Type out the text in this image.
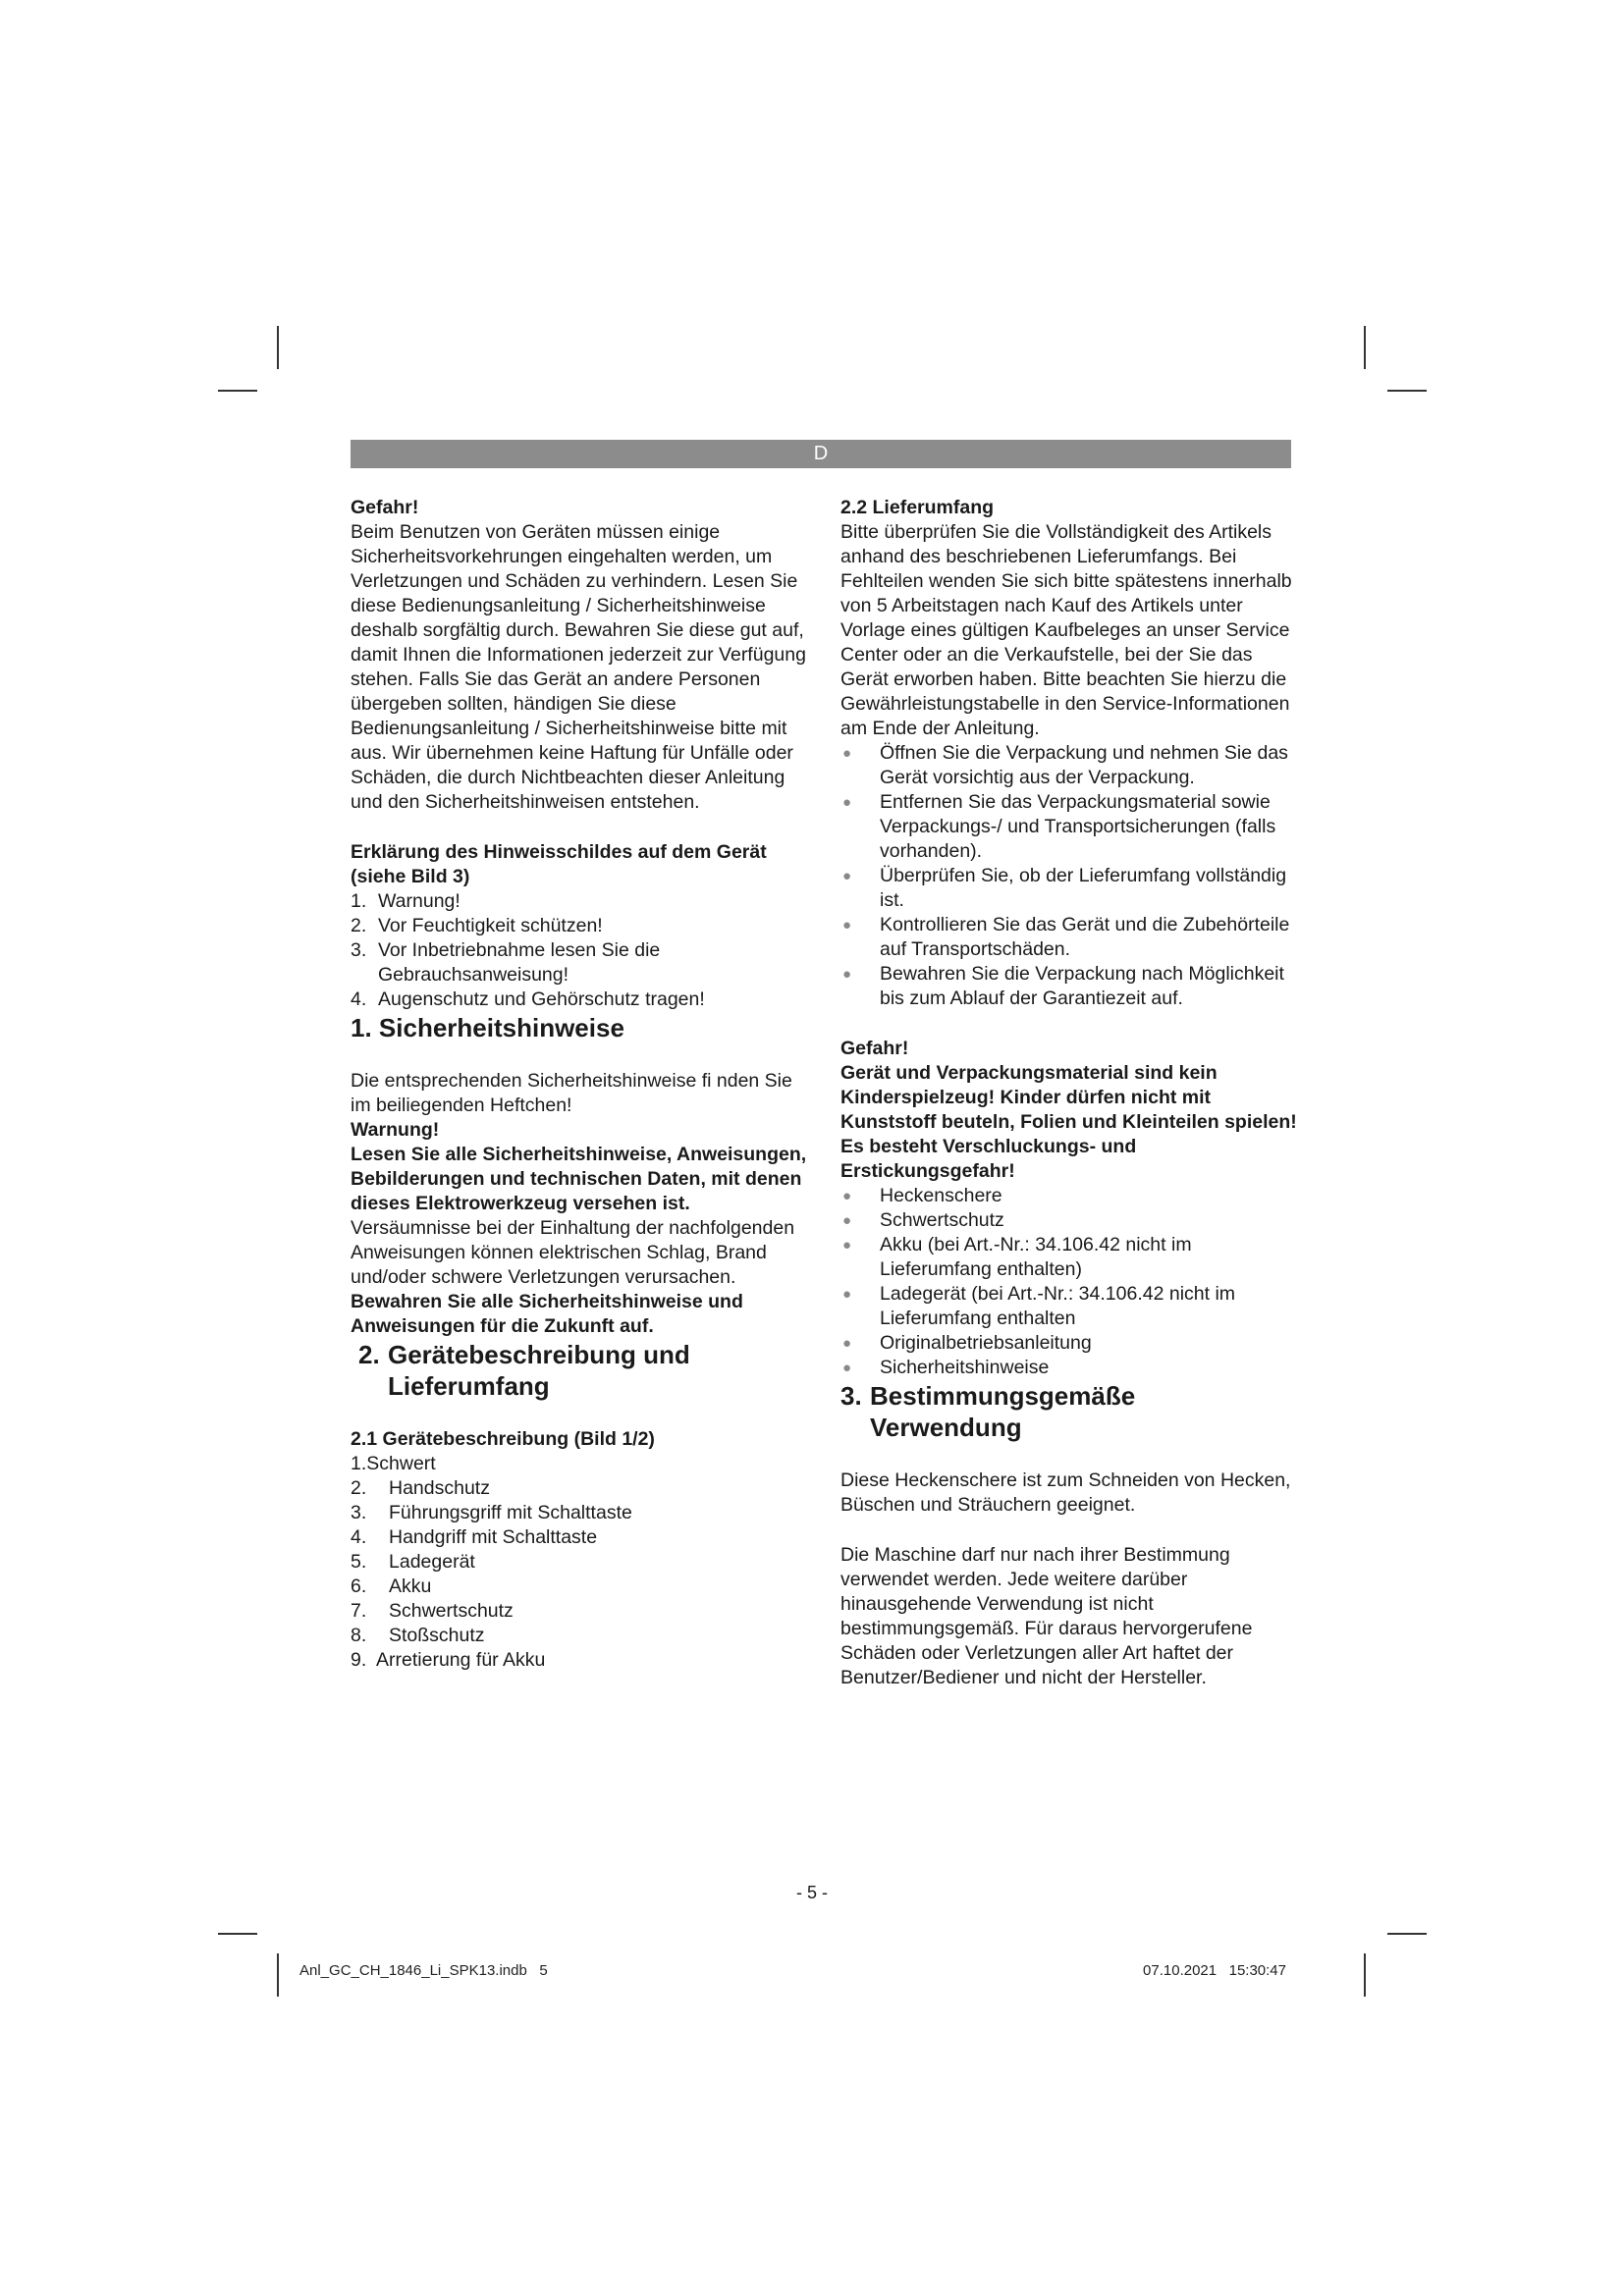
D

Gefahr!

Beim Benutzen von Geräten müssen einige Sicherheitsvorkehrungen eingehalten werden, um Verletzungen und Schäden zu verhindern. Lesen Sie diese Bedienungsanleitung / Sicherheitshinweise deshalb sorgfältig durch. Bewahren Sie diese gut auf, damit Ihnen die Informationen jederzeit zur Verfügung stehen. Falls Sie das Gerät an andere Personen übergeben sollten, händigen Sie diese Bedienungsanleitung / Sicherheitshinweise bitte mit aus. Wir übernehmen keine Haftung für Unfälle oder Schäden, die durch Nichtbeachten dieser Anleitung und den Sicherheitshinweisen entstehen.

Erklärung des Hinweisschildes auf dem Gerät (siehe Bild 3)

1. Warnung!
2. Vor Feuchtigkeit schützen!
3. Vor Inbetriebnahme lesen Sie die Gebrauchsanweisung!
4. Augenschutz und Gehörschutz tragen!
1. Sicherheitshinweise

Die entsprechenden Sicherheitshinweise fi nden Sie im beiliegenden Heftchen!

Warnung!

Lesen Sie alle Sicherheitshinweise, Anweisungen, Bebilderungen und technischen Daten, mit denen dieses Elektrowerkzeug versehen ist. Versäumnisse bei der Einhaltung der nachfolgenden Anweisungen können elektrischen Schlag, Brand und/oder schwere Verletzungen verursachen.

Bewahren Sie alle Sicherheitshinweise und Anweisungen für die Zukunft auf.

2. Gerätebeschreibung und Lieferumfang

2.1 Gerätebeschreibung (Bild 1/2)

1.Schwert

2. Handschutz
3. Führungsgriff mit Schalttaste
4. Handgriff mit Schalttaste
5. Ladegerät
6. Akku
7. Schwertschutz
8. Stoßschutz

9.  Arretierung für Akku

2.2 Lieferumfang

Bitte überprüfen Sie die Vollständigkeit des Artikels anhand des beschriebenen Lieferumfangs. Bei Fehlteilen wenden Sie sich bitte spätestens innerhalb von 5 Arbeitstagen nach Kauf des Artikels unter Vorlage eines gültigen Kaufbeleges an unser Service Center oder an die Verkaufstelle, bei der Sie das Gerät erworben haben. Bitte beachten Sie hierzu die Gewährleistungstabelle in den Service-Informationen am Ende der Anleitung.

● Öffnen Sie die Verpackung und nehmen Sie das Gerät vorsichtig aus der Verpackung.
● Entfernen Sie das Verpackungsmaterial sowie Verpackungs-/ und Transportsicherungen (falls vorhanden).
● Überprüfen Sie, ob der Lieferumfang vollständig ist.
● Kontrollieren Sie das Gerät und die Zubehörteile auf Transportschäden.
● Bewahren Sie die Verpackung nach Möglichkeit bis zum Ablauf der Garantiezeit auf.

Gefahr!

Gerät und Verpackungsmaterial sind kein Kinderspielzeug! Kinder dürfen nicht mit Kunststoff beuteln, Folien und Kleinteilen spielen! Es besteht Verschluckungs- und Erstickungsgefahr!

● Heckenschere
● Schwertschutz
● Akku (bei Art.-Nr.: 34.106.42 nicht im Lieferumfang enthalten)
● Ladegerät (bei Art.-Nr.: 34.106.42 nicht im Lieferumfang enthalten
● Originalbetriebsanleitung
● Sicherheitshinweise
3. Bestimmungsgemäße Verwendung

Diese Heckenschere ist zum Schneiden von Hecken, Büschen und Sträuchern geeignet.

Die Maschine darf nur nach ihrer Bestimmung verwendet werden. Jede weitere darüber hinausgehende Verwendung ist nicht bestimmungsgemäß. Für daraus hervorgerufene Schäden oder Verletzungen aller Art haftet der Benutzer/Bediener und nicht der Hersteller.

- 5 -
Anl_GC_CH_1846_Li_SPK13.indb   5	07.10.2021   15:30:47
